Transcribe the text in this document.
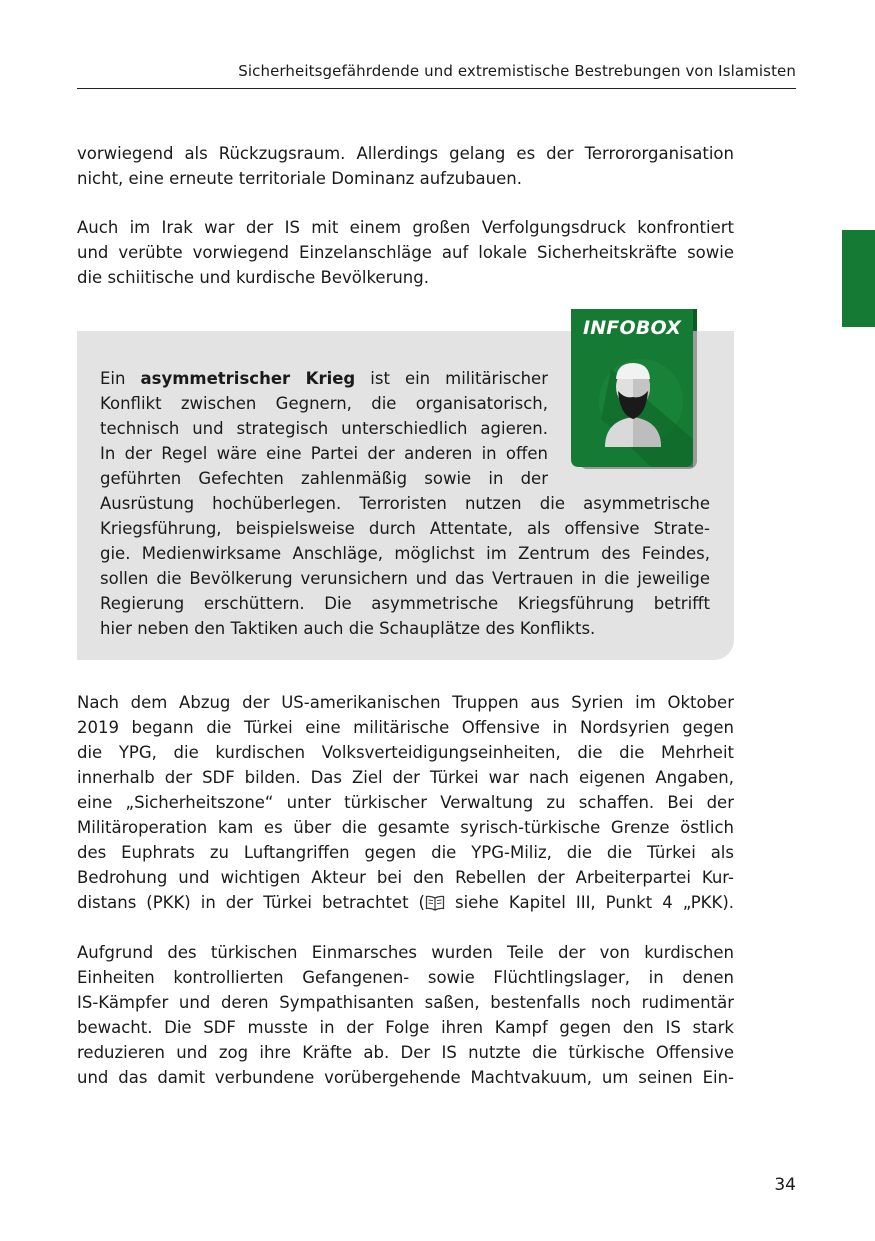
Sicherheitsgefährdende und extremistische Bestrebungen von Islamisten

vorwiegend als Rückzugsraum. Allerdings gelang es der Terrororganisation
nicht, eine erneute territoriale Dominanz aufzubauen.

Auch im Irak war der IS mit einem großen Verfolgungsdruck konfrontiert
und verübte vorwiegend Einzelanschläge auf lokale Sicherheitskräfte sowie
die schiitische und kurdische Bevölkerung.

Ein asymmetrischer Krieg ist ein militärischer
Konflikt zwischen Gegnern, die organisatorisch,
technisch und strategisch unterschiedlich agieren.
In der Regel wäre eine Partei der anderen in offen
geführten Gefechten zahlenmäßig sowie in der
Ausrüstung hochüberlegen. Terroristen nutzen die asymmetrische
Kriegsführung, beispielsweise durch Attentate, als offensive Strate-
gie. Medienwirksame Anschläge, möglichst im Zentrum des Feindes,
sollen die Bevölkerung verunsichern und das Vertrauen in die jeweilige
Regierung erschüttern. Die asymmetrische Kriegsführung betrifft
hier neben den Taktiken auch die Schauplätze des Konflikts.

INFOBOX

Nach dem Abzug der US-amerikanischen Truppen aus Syrien im Oktober
2019 begann die Türkei eine militärische Offensive in Nordsyrien gegen
die YPG, die kurdischen Volksverteidigungseinheiten, die die Mehrheit
innerhalb der SDF bilden. Das Ziel der Türkei war nach eigenen Angaben,
eine „Sicherheitszone“ unter türkischer Verwaltung zu schaffen. Bei der
Militäroperation kam es über die gesamte syrisch-türkische Grenze östlich
des Euphrats zu Luftangriffen gegen die YPG-Miliz, die die Türkei als
Bedrohung und wichtigen Akteur bei den Rebellen der Arbeiterpartei Kur-
distans (PKK) in der Türkei betrachtet ( siehe Kapitel III, Punkt 4 „PKK).

Aufgrund des türkischen Einmarsches wurden Teile der von kurdischen
Einheiten kontrollierten Gefangenen- sowie Flüchtlingslager, in denen
IS-Kämpfer und deren Sympathisanten saßen, bestenfalls noch rudimentär
bewacht. Die SDF musste in der Folge ihren Kampf gegen den IS stark
reduzieren und zog ihre Kräfte ab. Der IS nutzte die türkische Offensive
und das damit verbundene vorübergehende Machtvakuum, um seinen Ein-

34
